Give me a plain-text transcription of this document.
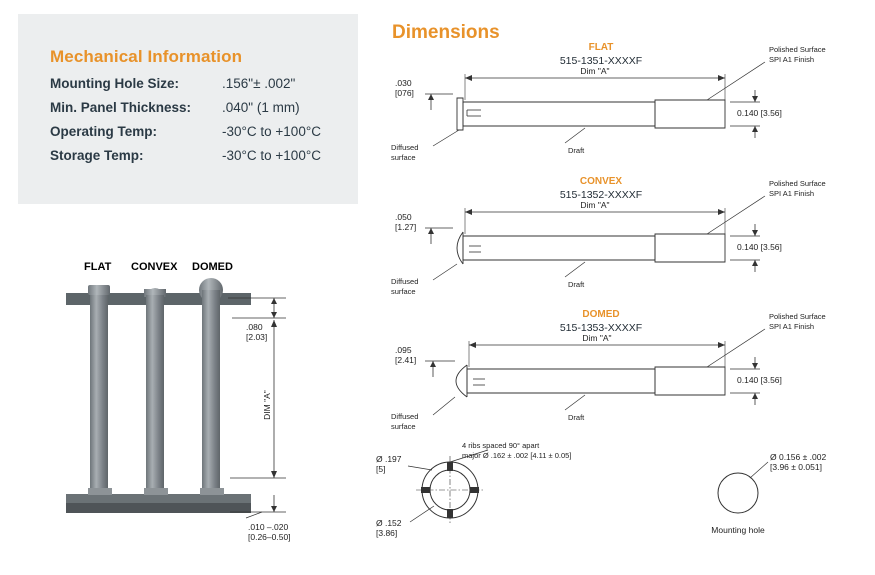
Mechanical Information
Mounting Hole Size:	.156"± .002"
Min. Panel Thickness:	.040" (1 mm)
Operating Temp:	-30°C to +100°C
Storage Temp:	-30°C to +100°C
FLAT CONVEX DOMED
.080
[2.03]
DIM "A"
.010 –.020
[0.26–0.50]
Dimensions
FLAT
515-1351-XXXXF
Dim "A"
.030
[076]
0.140 [3.56]
Polished Surface
SPI A1 Finish
Diffused
surface
Draft
CONVEX
515-1352-XXXXF
Dim "A"
.050
[1.27]
0.140 [3.56]
Polished Surface
SPI A1 Finish
Diffused
surface
Draft
DOMED
515-1353-XXXXF
Dim "A"
.095
[2.41]
0.140 [3.56]
Polished Surface
SPI A1 Finish
Diffused
surface
Draft
4 ribs spaced 90° apart
major Ø .162 ± .002 [4.11 ± 0.05]
Ø .197
[5]
Ø .152
[3.86]
Ø 0.156 ± .002
[3.96 ± 0.051]
Mounting hole
